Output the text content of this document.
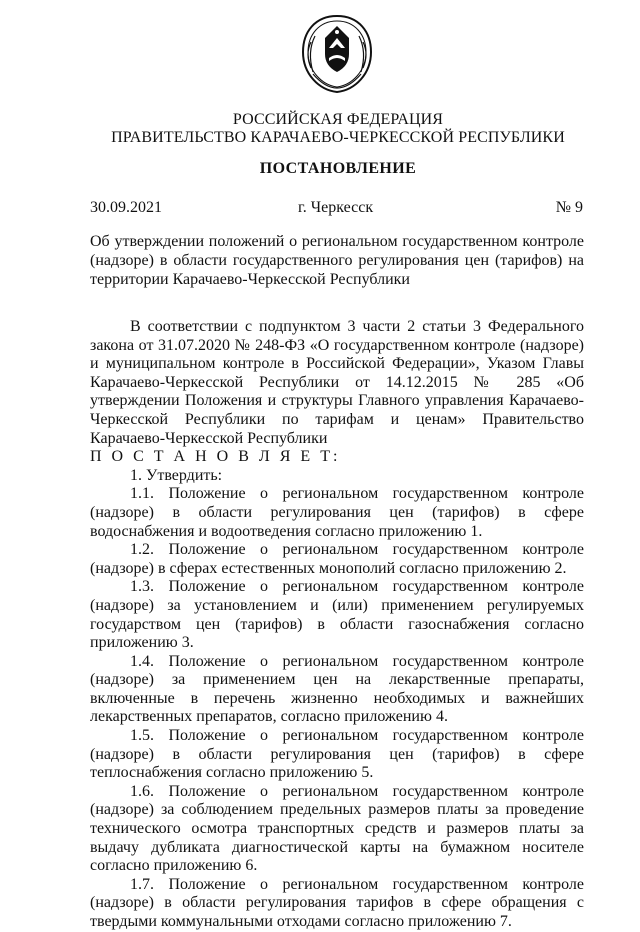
РОССИЙСКАЯ ФЕДЕРАЦИЯ
ПРАВИТЕЛЬСТВО КАРАЧАЕВО-ЧЕРКЕССКОЙ РЕСПУБЛИКИ
ПОСТАНОВЛЕНИЕ
30.09.2021	г. Черкесск	№ 9
Об утверждении положений о региональном государственном контроле (надзоре) в области государственного регулирования цен (тарифов) на территории Карачаево-Черкесской Республики

В соответствии с подпунктом 3 части 2 статьи 3 Федерального закона от 31.07.2020 № 248-ФЗ «О государственном контроле (надзоре) и муниципальном контроле в Российской Федерации», Указом Главы Карачаево-Черкесской Республики от 14.12.2015 № 285 «Об утверждении Положения и структуры Главного управления Карачаево-Черкесской Республики по тарифам и ценам» Правительство Карачаево-Черкесской Республики

П О С Т А Н О В Л Я Е Т:

1. Утвердить:

1.1. Положение о региональном государственном контроле (надзоре) в области регулирования цен (тарифов) в сфере водоснабжения и водоотведения согласно приложению 1.

1.2. Положение о региональном государственном контроле (надзоре) в сферах естественных монополий согласно приложению 2.

1.3. Положение о региональном государственном контроле (надзоре) за установлением и (или) применением регулируемых государством цен (тарифов) в области газоснабжения согласно приложению 3.

1.4. Положение о региональном государственном контроле (надзоре) за применением цен на лекарственные препараты, включенные в перечень жизненно необходимых и важнейших лекарственных препаратов, согласно приложению 4.

1.5. Положение о региональном государственном контроле (надзоре) в области регулирования цен (тарифов) в сфере теплоснабжения согласно приложению 5.

1.6. Положение о региональном государственном контроле (надзоре) за соблюдением предельных размеров платы за проведение технического осмотра транспортных средств и размеров платы за выдачу дубликата диагностической карты на бумажном носителе согласно приложению 6.

1.7. Положение о региональном государственном контроле (надзоре) в области регулирования тарифов в сфере обращения с твердыми коммунальными отходами согласно приложению 7.
